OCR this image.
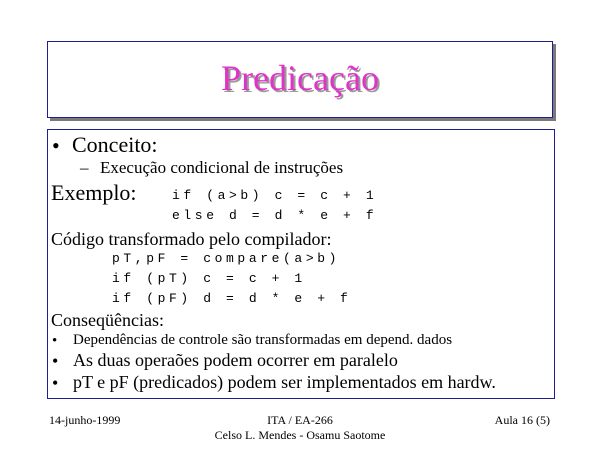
Predicação
• Conceito:
– Execução condicional de instruções
Exemplo:	if (a>b) c = c + 1
else d = d * e + f
Código transformado pelo compilador:
pT,pF = compare(a>b)
if (pT) c = c + 1
if (pF) d = d * e + f
Conseqüências:
• Dependências de controle são transformadas em depend. dados
• As duas operaões podem ocorrer em paralelo
• pT e pF (predicados) podem ser implementados em hardw.
14-junho-1999	ITA / EA-266
Celso L. Mendes - Osamu Saotome
Aula 16 (5)
